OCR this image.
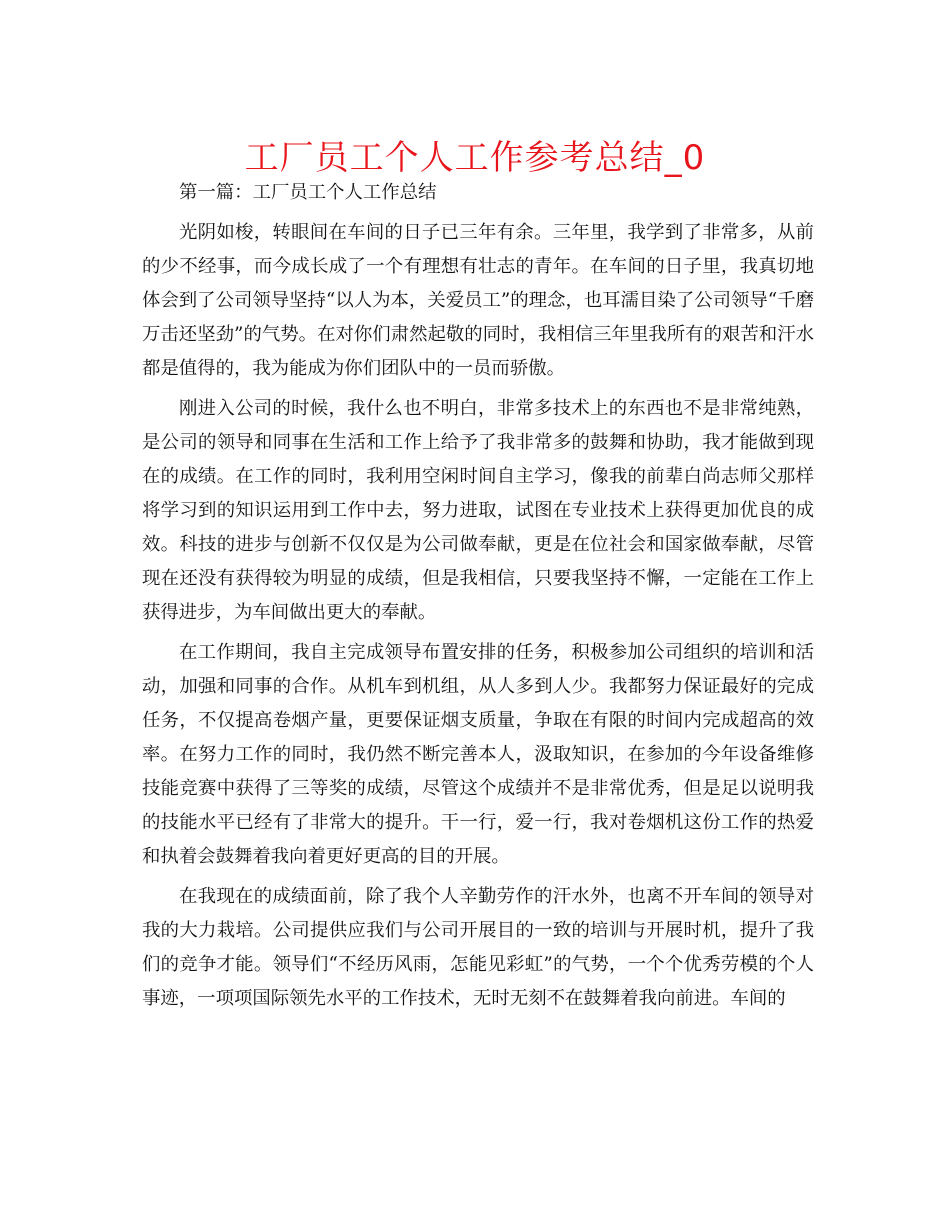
工厂员工个人工作参考总结_0

第一篇：工厂员工个人工作总结

光阴如梭，转眼间在车间的日子已三年有余。三年里，我学到了非常多，从前的少不经事，而今成长成了一个有理想有壮志的青年。在车间的日子里，我真切地体会到了公司领导坚持“以人为本，关爱员工”的理念，也耳濡目染了公司领导“千磨万击还坚劲”的气势。在对你们肃然起敬的同时，我相信三年里我所有的艰苦和汗水都是值得的，我为能成为你们团队中的一员而骄傲。

刚进入公司的时候，我什么也不明白，非常多技术上的东西也不是非常纯熟，是公司的领导和同事在生活和工作上给予了我非常多的鼓舞和协助，我才能做到现在的成绩。在工作的同时，我利用空闲时间自主学习，像我的前辈白尚志师父那样将学习到的知识运用到工作中去，努力进取，试图在专业技术上获得更加优良的成效。科技的进步与创新不仅仅是为公司做奉献，更是在位社会和国家做奉献，尽管现在还没有获得较为明显的成绩，但是我相信，只要我坚持不懈，一定能在工作上获得进步，为车间做出更大的奉献。

在工作期间，我自主完成领导布置安排的任务，积极参加公司组织的培训和活动，加强和同事的合作。从机车到机组，从人多到人少。我都努力保证最好的完成任务，不仅提高卷烟产量，更要保证烟支质量，争取在有限的时间内完成超高的效率。在努力工作的同时，我仍然不断完善本人，汲取知识，在参加的今年设备维修技能竞赛中获得了三等奖的成绩，尽管这个成绩并不是非常优秀，但是足以说明我的技能水平已经有了非常大的提升。干一行，爱一行，我对卷烟机这份工作的热爱和执着会鼓舞着我向着更好更高的目的开展。

在我现在的成绩面前，除了我个人辛勤劳作的汗水外，也离不开车间的领导对我的大力栽培。公司提供应我们与公司开展目的一致的培训与开展时机，提升了我们的竞争才能。领导们“不经历风雨，怎能见彩虹”的气势，一个个优秀劳模的个人事迹，一项项国际领先水平的工作技术，无时无刻不在鼓舞着我向前进。车间的
